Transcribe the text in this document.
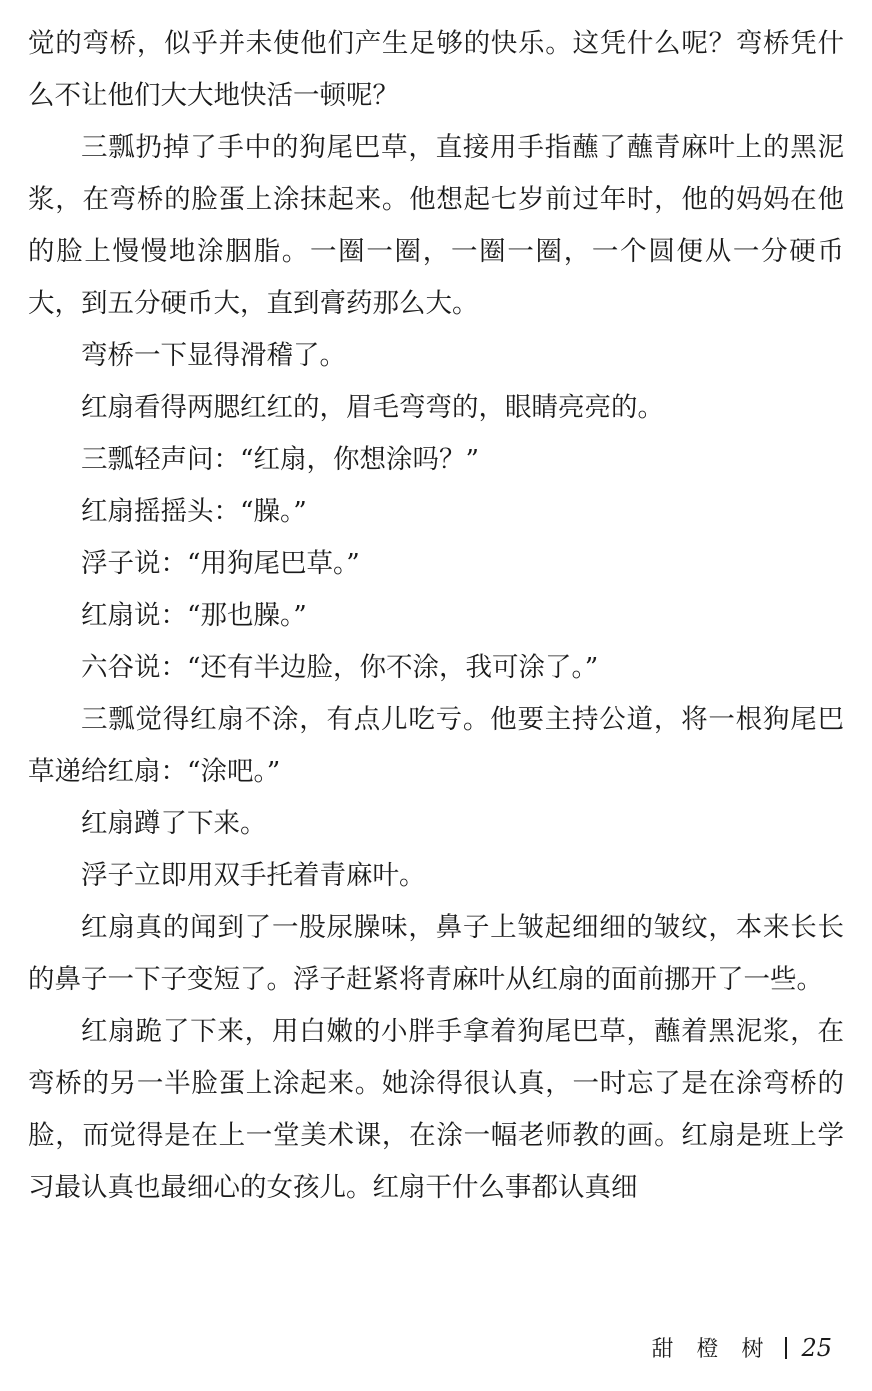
觉的弯桥，似乎并未使他们产生足够的快乐。这凭什么呢？弯桥凭什么不让他们大大地快活一顿呢？

三瓢扔掉了手中的狗尾巴草，直接用手指蘸了蘸青麻叶上的黑泥浆，在弯桥的脸蛋上涂抹起来。他想起七岁前过年时，他的妈妈在他的脸上慢慢地涂胭脂。一圈一圈，一圈一圈，一个圆便从一分硬币大，到五分硬币大，直到膏药那么大。

弯桥一下显得滑稽了。

红扇看得两腮红红的，眉毛弯弯的，眼睛亮亮的。

三瓢轻声问：“红扇，你想涂吗？”

红扇摇摇头：“臊。”

浮子说：“用狗尾巴草。”

红扇说：“那也臊。”

六谷说：“还有半边脸，你不涂，我可涂了。”

三瓢觉得红扇不涂，有点儿吃亏。他要主持公道，将一根狗尾巴草递给红扇：“涂吧。”

红扇蹲了下来。

浮子立即用双手托着青麻叶。

红扇真的闻到了一股尿臊味，鼻子上皱起细细的皱纹，本来长长的鼻子一下子变短了。浮子赶紧将青麻叶从红扇的面前挪开了一些。

红扇跪了下来，用白嫩的小胖手拿着狗尾巴草，蘸着黑泥浆，在弯桥的另一半脸蛋上涂起来。她涂得很认真，一时忘了是在涂弯桥的脸，而觉得是在上一堂美术课，在涂一幅老师教的画。红扇是班上学习最认真也最细心的女孩儿。红扇干什么事都认真细

甜 橙 树 25
